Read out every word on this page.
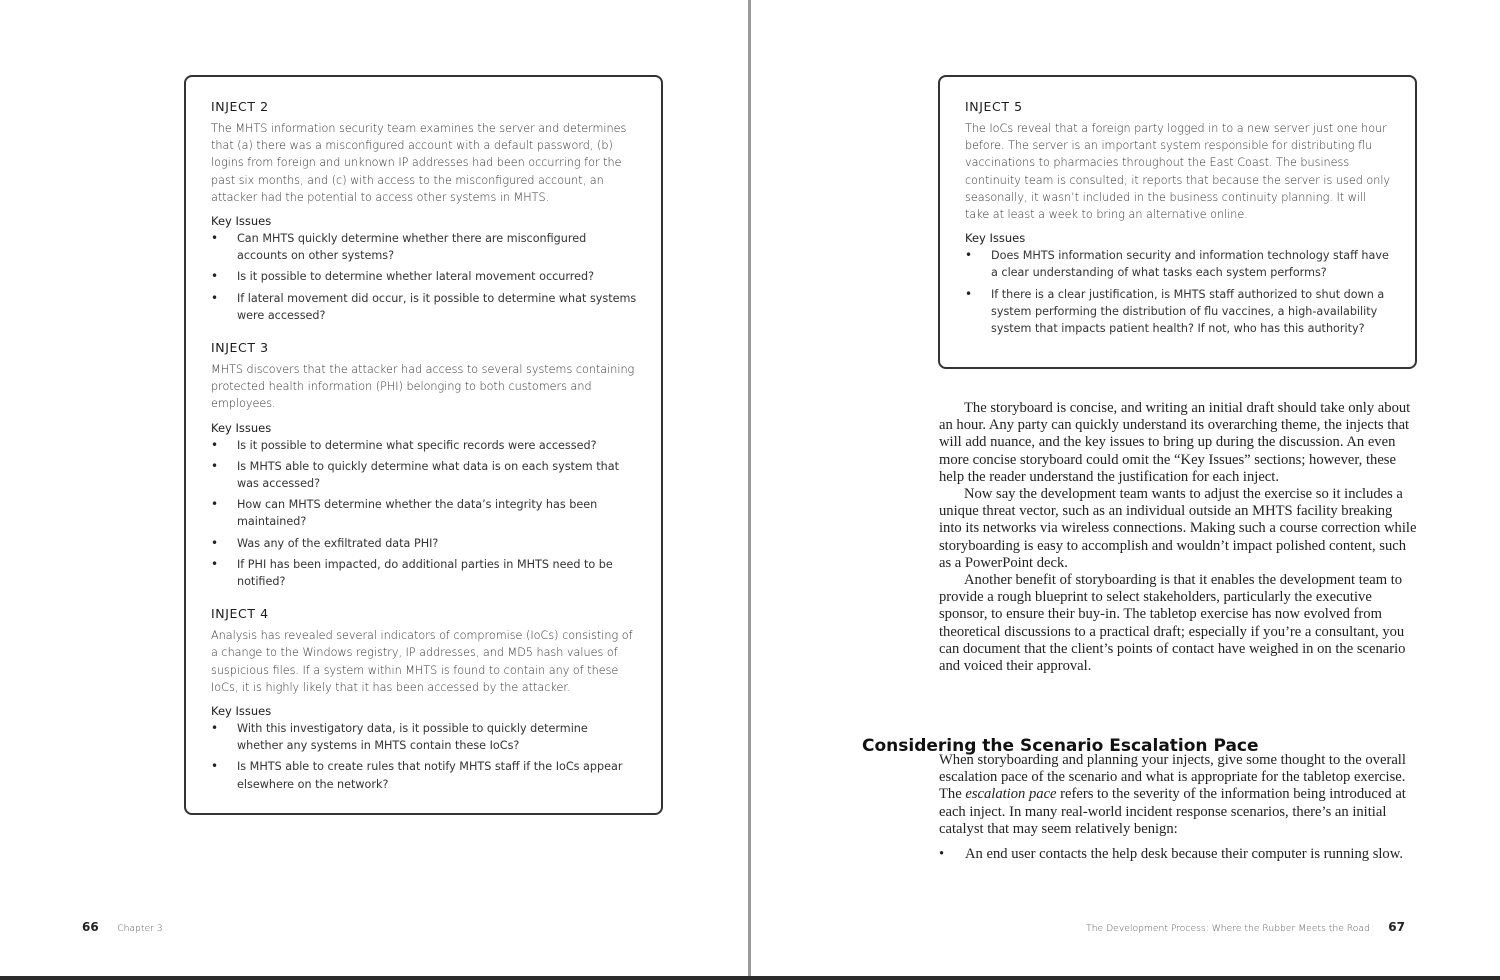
INJECT 2

The MHTS information security team examines the server and determines that (a) there was a misconfigured account with a default password, (b) logins from foreign and unknown IP addresses had been occurring for the past six months, and (c) with access to the misconfigured account, an attacker had the potential to access other systems in MHTS.

Key Issues
• Can MHTS quickly determine whether there are misconfigured accounts on other systems?
• Is it possible to determine whether lateral movement occurred?
• If lateral movement did occur, is it possible to determine what systems were accessed?
INJECT 3

MHTS discovers that the attacker had access to several systems containing protected health information (PHI) belonging to both customers and employees.

Key Issues
• Is it possible to determine what specific records were accessed?
• Is MHTS able to quickly determine what data is on each system that was accessed?
• How can MHTS determine whether the data’s integrity has been maintained?
• Was any of the exfiltrated data PHI?
• If PHI has been impacted, do additional parties in MHTS need to be notified?
INJECT 4

Analysis has revealed several indicators of compromise (IoCs) consisting of a change to the Windows registry, IP addresses, and MD5 hash values of suspicious files. If a system within MHTS is found to contain any of these IoCs, it is highly likely that it has been accessed by the attacker.

Key Issues
• With this investigatory data, is it possible to quickly determine whether any systems in MHTS contain these IoCs?
• Is MHTS able to create rules that notify MHTS staff if the IoCs appear elsewhere on the network?
66 Chapter 3
INJECT 5

The IoCs reveal that a foreign party logged in to a new server just one hour before. The server is an important system responsible for distributing flu vaccinations to pharmacies throughout the East Coast. The business continuity team is consulted; it reports that because the server is used only seasonally, it wasn’t included in the business continuity planning. It will take at least a week to bring an alternative online.

Key Issues
• Does MHTS information security and information technology staff have a clear understanding of what tasks each system performs?
• If there is a clear justification, is MHTS staff authorized to shut down a system performing the distribution of flu vaccines, a high-availability system that impacts patient health? If not, who has this authority?

The storyboard is concise, and writing an initial draft should take only about an hour. Any party can quickly understand its overarching theme, the injects that will add nuance, and the key issues to bring up during the discussion. An even more concise storyboard could omit the “Key Issues” sections; however, these help the reader understand the justification for each inject.

Now say the development team wants to adjust the exercise so it includes a unique threat vector, such as an individual outside an MHTS facility breaking into its networks via wireless connections. Making such a course correction while storyboarding is easy to accomplish and wouldn’t impact polished content, such as a PowerPoint deck.

Another benefit of storyboarding is that it enables the development team to provide a rough blueprint to select stakeholders, particularly the executive sponsor, to ensure their buy-in. The tabletop exercise has now evolved from theoretical discussions to a practical draft; especially if you’re a consultant, you can document that the client’s points of contact have weighed in on the scenario and voiced their approval.

Considering the Scenario Escalation Pace

When storyboarding and planning your injects, give some thought to the overall escalation pace of the scenario and what is appropriate for the tabletop exercise. The escalation pace refers to the severity of the information being introduced at each inject. In many real-world incident response scenarios, there’s an initial catalyst that may seem relatively benign:

• An end user contacts the help desk because their computer is running slow.
The Development Process: Where the Rubber Meets the Road 67
